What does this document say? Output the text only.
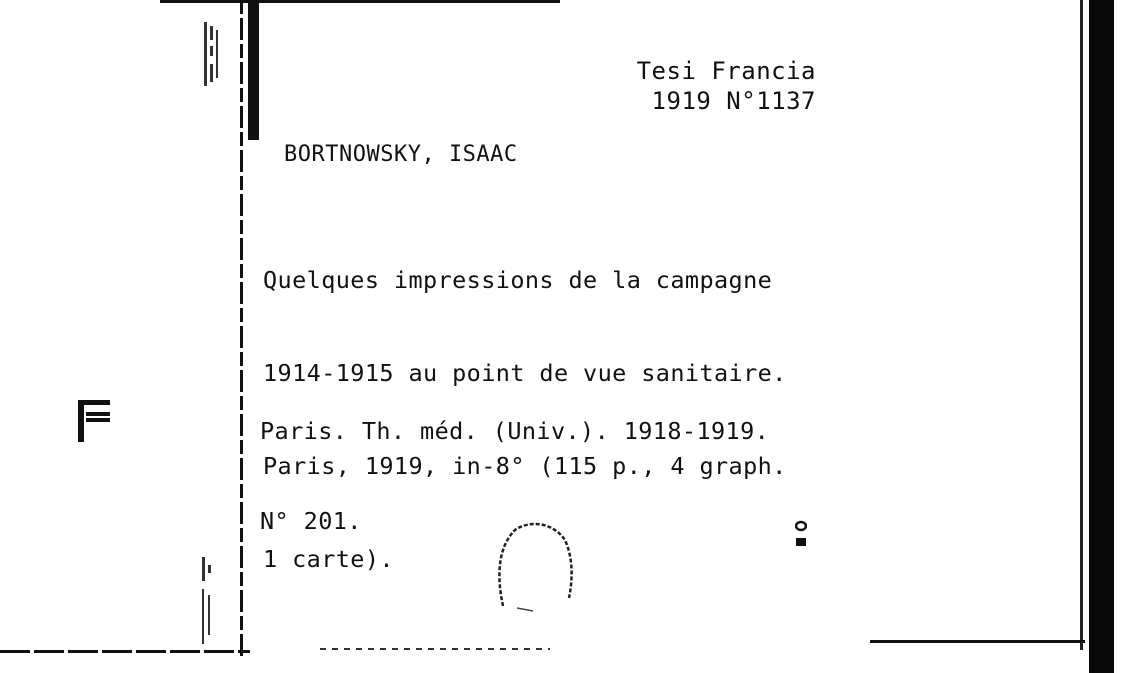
Tesi Francia
1919 N°1137
BORTNOWSKY, ISAAC

Quelques impressions de la campagne

1914-1915 au point de vue sanitaire.

Paris, 1919, in-8° (115 p., 4 graph.

1 carte).

Paris. Th. méd. (Univ.). 1918-1919.

N° 201.
